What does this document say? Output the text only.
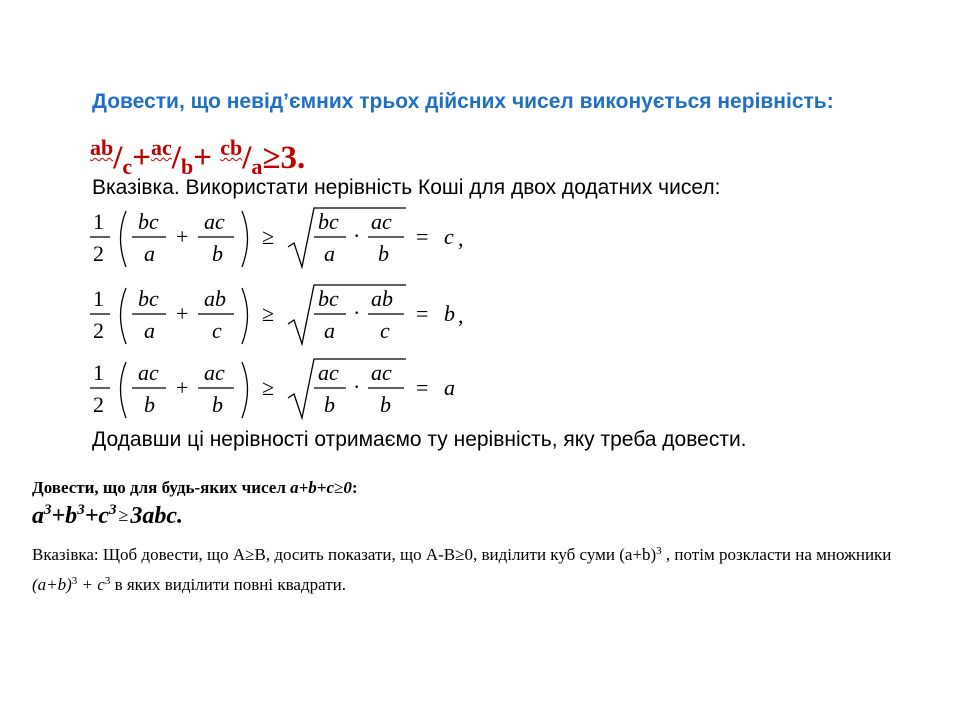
Довести, що невід’ємних трьох дійсних чисел виконується нерівність:
$^{ab}/_c+^{ac}/_b+ ^{cb}/_a\ge 3$.
Вказівка. Використати нерівність Коші для двох додатних чисел:
1
2
bc
a
+
ac
b
≥
bc
a
·
ac
b
= c ,
1
2
bc
a
+
ab
c
≥
bc
a
·
ab
c
= b ,
1
2
ac
b
+
ac
b
≥
ac
b
·
ac
b
= a
Додавши ці нерівності отримаємо ту нерівність, яку треба довести.
Довести, що для будь-яких чисел a+b+c≥0:
$a^3+b^3+c^3 \ge 3abc$.
Вказівка: Щоб довести, що A≥B, досить показати, що A-B≥0, виділити куб суми $(a+b)^3$ , потім розкласти на множники $(a+b)^3 + c^3$ в яких виділити повні квадрати.
